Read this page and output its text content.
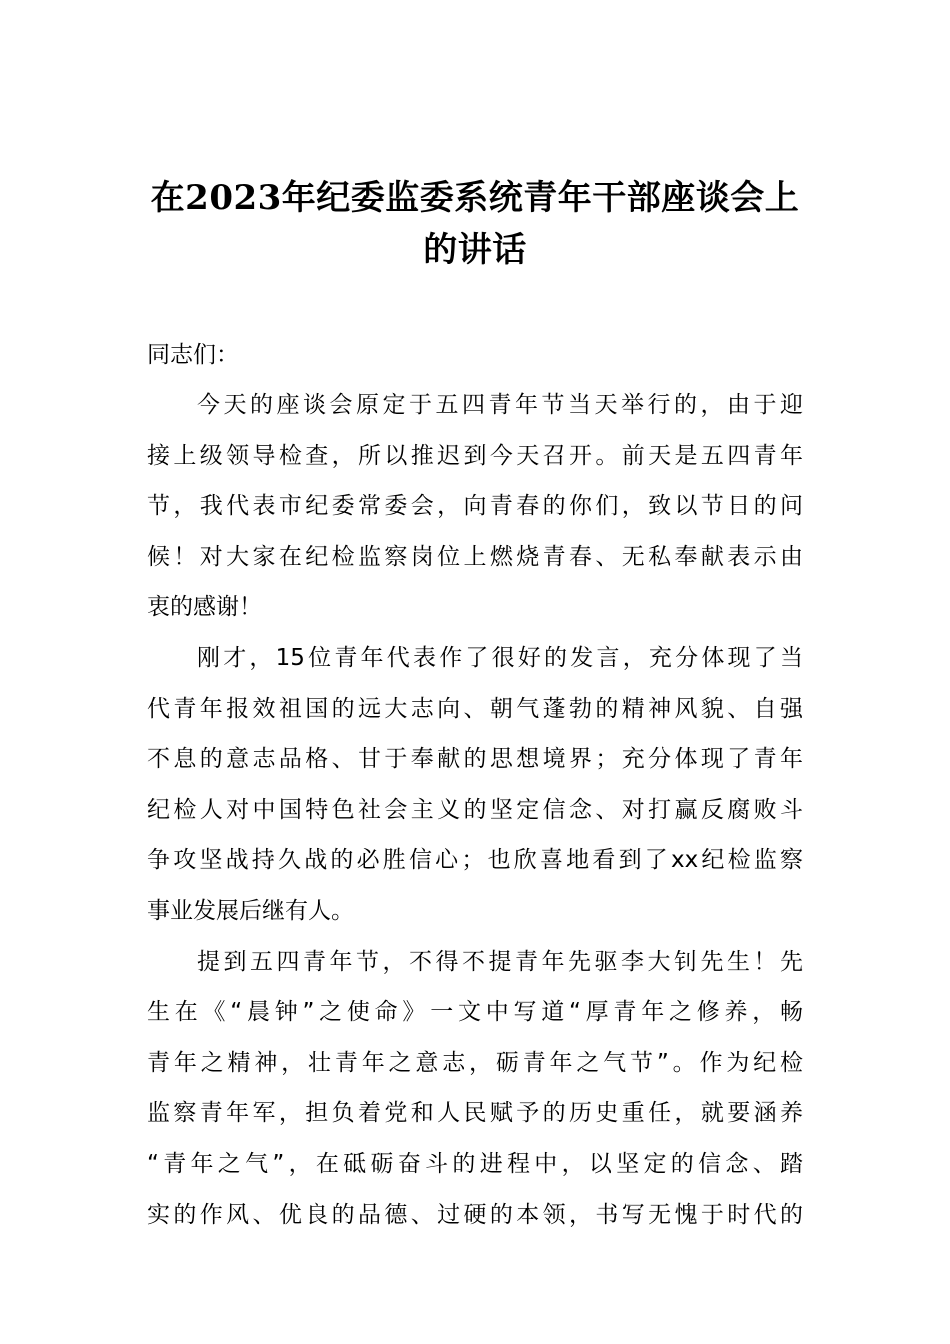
在2023年纪委监委系统青年干部座谈会上
的讲话
同志们：
今天的座谈会原定于五四青年节当天举行的，由于迎
接上级领导检查，所以推迟到今天召开。前天是五四青年
节，我代表市纪委常委会，向青春的你们，致以节日的问
候！对大家在纪检监察岗位上燃烧青春、无私奉献表示由
衷的感谢！
刚才，15位青年代表作了很好的发言，充分体现了当
代青年报效祖国的远大志向、朝气蓬勃的精神风貌、自强
不息的意志品格、甘于奉献的思想境界；充分体现了青年
纪检人对中国特色社会主义的坚定信念、对打赢反腐败斗
争攻坚战持久战的必胜信心；也欣喜地看到了xx纪检监察
事业发展后继有人。
提到五四青年节，不得不提青年先驱李大钊先生！先
生在《“晨钟”之使命》一文中写道“厚青年之修养，畅
青年之精神，壮青年之意志，砺青年之气节”。作为纪检
监察青年军，担负着党和人民赋予的历史重任，就要涵养
“青年之气”，在砥砺奋斗的进程中，以坚定的信念、踏
实的作风、优良的品德、过硬的本领，书写无愧于时代的
